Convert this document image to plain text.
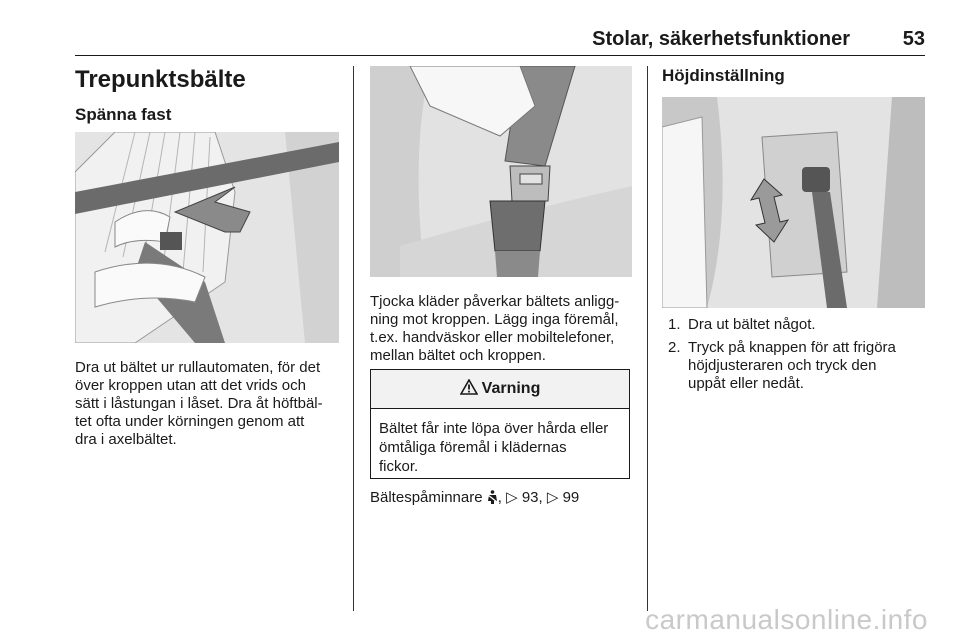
Stolar, säkerhetsfunktioner	53
Trepunktsbälte
Spänna fast
Dra ut bältet ur rullautomaten, för det
över kroppen utan att det vrids och
sätt i låstungan i låset. Dra åt höftbäl-
tet ofta under körningen genom att
dra i axelbältet.
Tjocka kläder påverkar bältets anligg-
ning mot kroppen. Lägg inga föremål,
t.ex. handväskor eller mobiltelefoner,
mellan bältet och kroppen.
Varning
Bältet får inte löpa över hårda eller
ömtåliga föremål i klädernas
fickor.
Bältespåminnare , ▷ 93, ▷ 99
Höjdinställning
1. Dra ut bältet något.
2. Tryck på knappen för att frigöra
höjdjusteraren och tryck den
uppåt eller nedåt.
carmanualsonline.info
